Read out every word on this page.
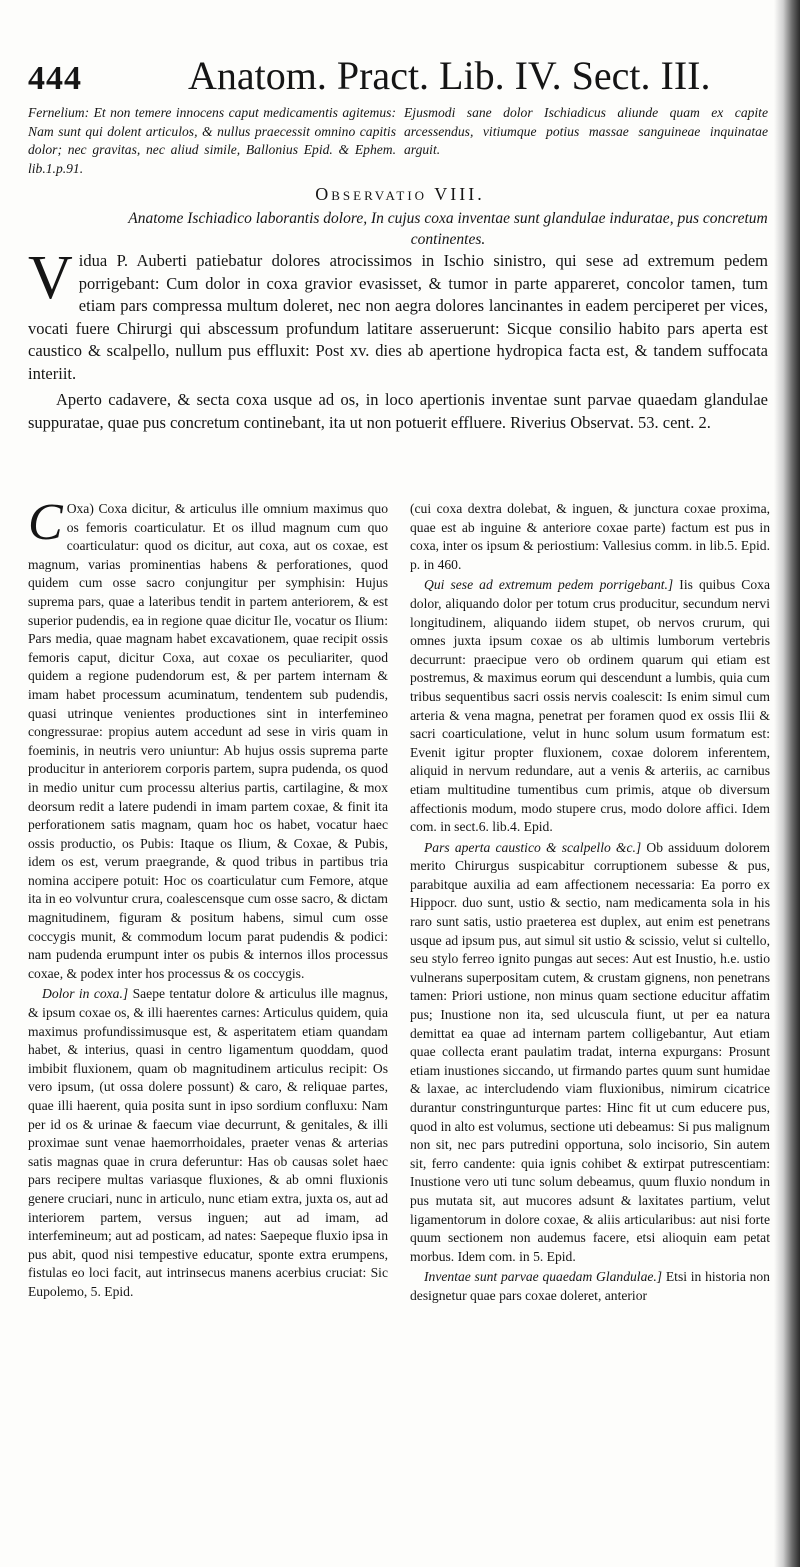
444	Anatom. Pract. Lib. IV. Sect. III.

Fernelium: Et non temere innocens caput medicamentis agitemus: Nam sunt qui dolent articulos, & nullus praecessit omnino capitis dolor; nec gravitas, nec aliud simile, Ballonius Epid. & Ephem. lib.1.p.91.

Ejusmodi sane dolor Ischiadicus aliunde quam ex capite arcessendus, vitiumque potius massae sanguineae inquinatae arguit.

Observatio VIII.
Anatome Ischiadico laborantis dolore, In cujus coxa inventae sunt glandulae induratae, pus concretum continentes.

Vidua P. Auberti patiebatur dolores atrocissimos in Ischio sinistro, qui sese ad extremum pedem porrigebant: Cum dolor in coxa gravior evasisset, & tumor in parte appareret, concolor tamen, tum etiam pars compressa multum doleret, nec non aegra dolores lancinantes in eadem perciperet per vices, vocati fuere Chirurgi qui abscessum profundum latitare asseruerunt: Sicque consilio habito pars aperta est caustico & scalpello, nullum pus effluxit: Post xv. dies ab apertione hydropica facta est, & tandem suffocata interiit.

Aperto cadavere, & secta coxa usque ad os, in loco apertionis inventae sunt parvae quaedam glandulae suppuratae, quae pus concretum continebant, ita ut non potuerit effluere. Riverius Observat. 53. cent. 2.

C Oxa) Coxa dicitur, & articulus ille omnium maximus quo os femoris coarticulatur. Et os illud magnum cum quo coarticulatur: quod os dicitur, aut coxa, aut os coxae, est magnum, varias prominentias habens & perforationes, quod quidem cum osse sacro conjungitur per symphisin: Hujus suprema pars, quae a lateribus tendit in partem anteriorem, & est superior pudendis, ea in regione quae dicitur Ile, vocatur os Ilium: Pars media, quae magnam habet excavationem, quae recipit ossis femoris caput, dicitur Coxa, aut coxae os peculiariter, quod quidem a regione pudendorum est, & per partem internam & imam habet processum acuminatum, tendentem sub pudendis, quasi utrinque venientes productiones sint in interfemineo congressurae: propius autem accedunt ad sese in viris quam in foeminis, in neutris vero uniuntur: Ab hujus ossis suprema parte producitur in anteriorem corporis partem, supra pudenda, os quod in medio unitur cum processu alterius partis, cartilagine, & mox deorsum redit a latere pudendi in imam partem coxae, & finit ita perforationem satis magnam, quam hoc os habet, vocatur haec ossis productio, os Pubis: Itaque os Ilium, & Coxae, & Pubis, idem os est, verum praegrande, & quod tribus in partibus tria nomina accipere potuit: Hoc os coarticulatur cum Femore, atque ita in eo volvuntur crura, coalescensque cum osse sacro, & dictam magnitudinem, figuram & positum habens, simul cum osse coccygis munit, & commodum locum parat pudendis & podici: nam pudenda erumpunt inter os pubis & internos illos processus coxae, & podex inter hos processus & os coccygis.

Dolor in coxa.] Saepe tentatur dolore & articulus ille magnus, & ipsum coxae os, & illi haerentes carnes: Articulus quidem, quia maximus profundissimusque est, & asperitatem etiam quandam habet, & interius, quasi in centro ligamentum quoddam, quod imbibit fluxionem, quam ob magnitudinem articulus recipit: Os vero ipsum, (ut ossa dolere possunt) & caro, & reliquae partes, quae illi haerent, quia posita sunt in ipso sordium confluxu: Nam per id os & urinae & faecum viae decurrunt, & genitales, & illi proximae sunt venae haemorrhoidales, praeter venas & arterias satis magnas quae in crura deferuntur: Has ob causas solet haec pars recipere multas variasque fluxiones, & ab omni fluxionis genere cruciari, nunc in articulo, nunc etiam extra, juxta os, aut ad interiorem partem, versus inguen; aut ad imam, ad interfemineum; aut ad posticam, ad nates: Saepeque fluxio ipsa in pus abit, quod nisi tempestive educatur, sponte extra erumpens, fistulas eo loci facit, aut intrinsecus manens acerbius cruciat: Sic Eupolemo, 5. Epid.

(cui coxa dextra dolebat, & inguen, & junctura coxae proxima, quae est ab inguine & anteriore coxae parte) factum est pus in coxa, inter os ipsum & periostium: Vallesius comm. in lib.5. Epid. p. in 460.

Qui sese ad extremum pedem porrigebant.] Iis quibus Coxa dolor, aliquando dolor per totum crus producitur, secundum nervi longitudinem, aliquando iidem stupet, ob nervos crurum, qui omnes juxta ipsum coxae os ab ultimis lumborum vertebris decurrunt: praecipue vero ob ordinem quarum qui etiam est postremus, & maximus eorum qui descendunt a lumbis, quia cum tribus sequentibus sacri ossis nervis coalescit: Is enim simul cum arteria & vena magna, penetrat per foramen quod ex ossis Ilii & sacri coarticulatione, velut in hunc solum usum formatum est: Evenit igitur propter fluxionem, coxae dolorem inferentem, aliquid in nervum redundare, aut a venis & arteriis, ac carnibus etiam multitudine tumentibus cum primis, atque ob diversum affectionis modum, modo stupere crus, modo dolore affici. Idem com. in sect.6. lib.4. Epid.

Pars aperta caustico & scalpello &c.] Ob assiduum dolorem merito Chirurgus suspicabitur corruptionem subesse & pus, parabitque auxilia ad eam affectionem necessaria: Ea porro ex Hippocr. duo sunt, ustio & sectio, nam medicamenta sola in his raro sunt satis, ustio praeterea est duplex, aut enim est penetrans usque ad ipsum pus, aut simul sit ustio & scissio, velut si cultello, seu stylo ferreo ignito pungas aut seces: Aut est Inustio, h.e. ustio vulnerans superpositam cutem, & crustam gignens, non penetrans tamen: Priori ustione, non minus quam sectione educitur affatim pus; Inustione non ita, sed ulcuscula fiunt, ut per ea natura demittat ea quae ad internam partem colligebantur, Aut etiam quae collecta erant paulatim tradat, interna expurgans: Prosunt etiam inustiones siccando, ut firmando partes quum sunt humidae & laxae, ac intercludendo viam fluxionibus, nimirum cicatrice durantur constringunturque partes: Hinc fit ut cum educere pus, quod in alto est volumus, sectione uti debeamus: Si pus malignum non sit, nec pars putredini opportuna, solo incisorio, Sin autem sit, ferro candente: quia ignis cohibet & extirpat putrescentiam: Inustione vero uti tunc solum debeamus, quum fluxio nondum in pus mutata sit, aut mucores adsunt & laxitates partium, velut ligamentorum in dolore coxae, & aliis articularibus: aut nisi forte quum sectionem non audemus facere, etsi alioquin eam petat morbus. Idem com. in 5. Epid.

Inventae sunt parvae quaedam Glandulae.] Etsi in historia non designetur quae pars coxae doleret, anterior
